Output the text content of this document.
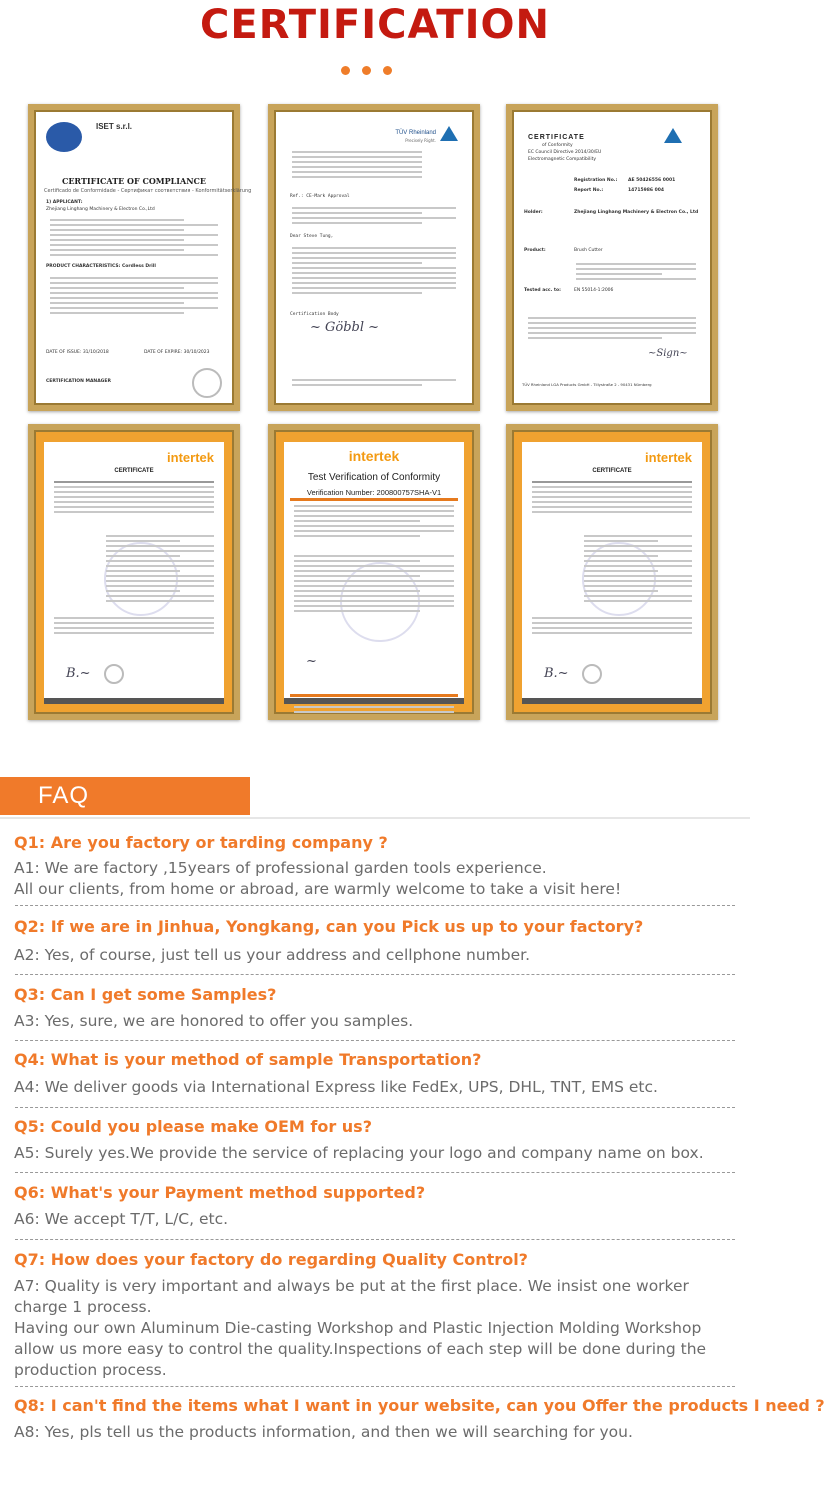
CERTIFICATION
ISET s.r.l.
CERTIFICATE OF COMPLIANCE
Certificado de Conformidade - Сертификат соответствия - Konformitätserklärung
1) APPLICANT:
Zhejiang Linghang Machinery & Electron Co.,Ltd
PRODUCT CHARACTERISTICS: Cordless Drill
DATE OF ISSUE: 31/10/2018	DATE OF EXPIRE: 30/10/2023
CERTIFICATION MANAGER
TÜV Rheinland
Precisely Right.
Ref.: CE-Mark Approval
Dear Steve Tung,
Certification Body
~ Göbbl ~
CERTIFICATE
of Conformity
EC Council Directive 2014/30/EU
Electromagnetic Compatibility
Registration No.: AE 50426556 0001
Report No.:	14715986 004
Holder:	Zhejiang Linghang Machinery & Electron Co., Ltd
Product:	Brush Cutter
Tested acc. to:	EN 55014-1:2006
~Sign~
TÜV Rheinland LGA Products GmbH - Tillystraße 2 - 90431 Nürnberg
intertek
CERTIFICATE
B.~
intertek
Test Verification of Conformity
Verification Number: 200800757SHA-V1
~
intertek
CERTIFICATE
B.~
FAQ
Q1: Are you factory or tarding company ?

A1: We are factory ,15years of professional garden tools experience.
All our clients, from home or abroad, are warmly welcome to take a visit here!

Q2: If we are in Jinhua, Yongkang, can you Pick us up to your factory?

A2: Yes, of course, just tell us your address and cellphone number.

Q3: Can I get some Samples?

A3: Yes, sure, we are honored to offer you samples.

Q4: What is your method of sample Transportation?

A4: We deliver goods via International Express like FedEx, UPS, DHL, TNT, EMS etc.

Q5: Could you please make OEM for us?

A5: Surely yes.We provide the service of replacing your logo and company name on box.

Q6: What's your Payment method supported?

A6: We accept T/T, L/C, etc.

Q7: How does your factory do regarding Quality Control?

A7: Quality is very important and always be put at the first place. We insist one worker
charge 1 process.
Having our own Aluminum Die-casting Workshop and Plastic Injection Molding Workshop
allow us more easy to control the quality.Inspections of each step will be done during the
production process.

Q8: I can't find the items what I want in your website, can you Offer the products I need ?

A8: Yes, pls tell us the products information, and then we will searching for you.
